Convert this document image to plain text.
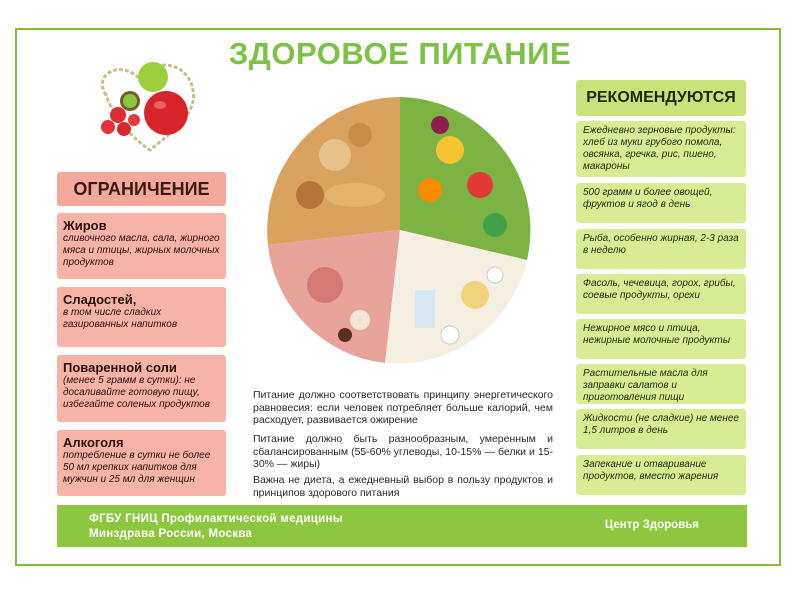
ЗДОРОВОЕ ПИТАНИЕ
ОГРАНИЧЕНИЕ
Жиров
сливочного масла, сала, жирного мяса и птицы, жирных молочных продуктов
Сладостей,
в том числе сладких газированных напитков
Поваренной соли
(менее 5 грамм в сутки): не досаливайте готовую пищу, избегайте соленых продуктов
Алкоголя
потребление в сутки не более 50 мл крепких напитков для мужчин и 25 мл для женщин
Питание должно соответствовать принципу энергетического равновесия: если человек потребляет больше калорий, чем расходует, развивается ожирение
Питание должно быть разнообразным, умеренным и сбалансированным (55-60% углеводы, 10-15% — белки и 15-30% — жиры)
Важна не диета, а ежедневный выбор в пользу продуктов и принципов здорового питания
РЕКОМЕНДУЮТСЯ
Ежедневно зерновые продукты: хлеб из муки грубого помола, овсянка, гречка, рис, пшено, макароны
500 грамм и более овощей, фруктов и ягод в день
Рыба, особенно жирная, 2-3 раза в неделю
Фасоль, чечевица, горох, грибы, соевые продукты, орехи
Нежирное мясо и птица, нежирные молочные продукты
Растительные масла для заправки салатов и приготовления пищи
Жидкости (не сладкие) не менее 1,5 литров в день
Запекание и отваривание продуктов, вместо жарения
ФГБУ ГНИЦ Профилактической медицины
Минздрава России, Москва
Центр Здоровья
